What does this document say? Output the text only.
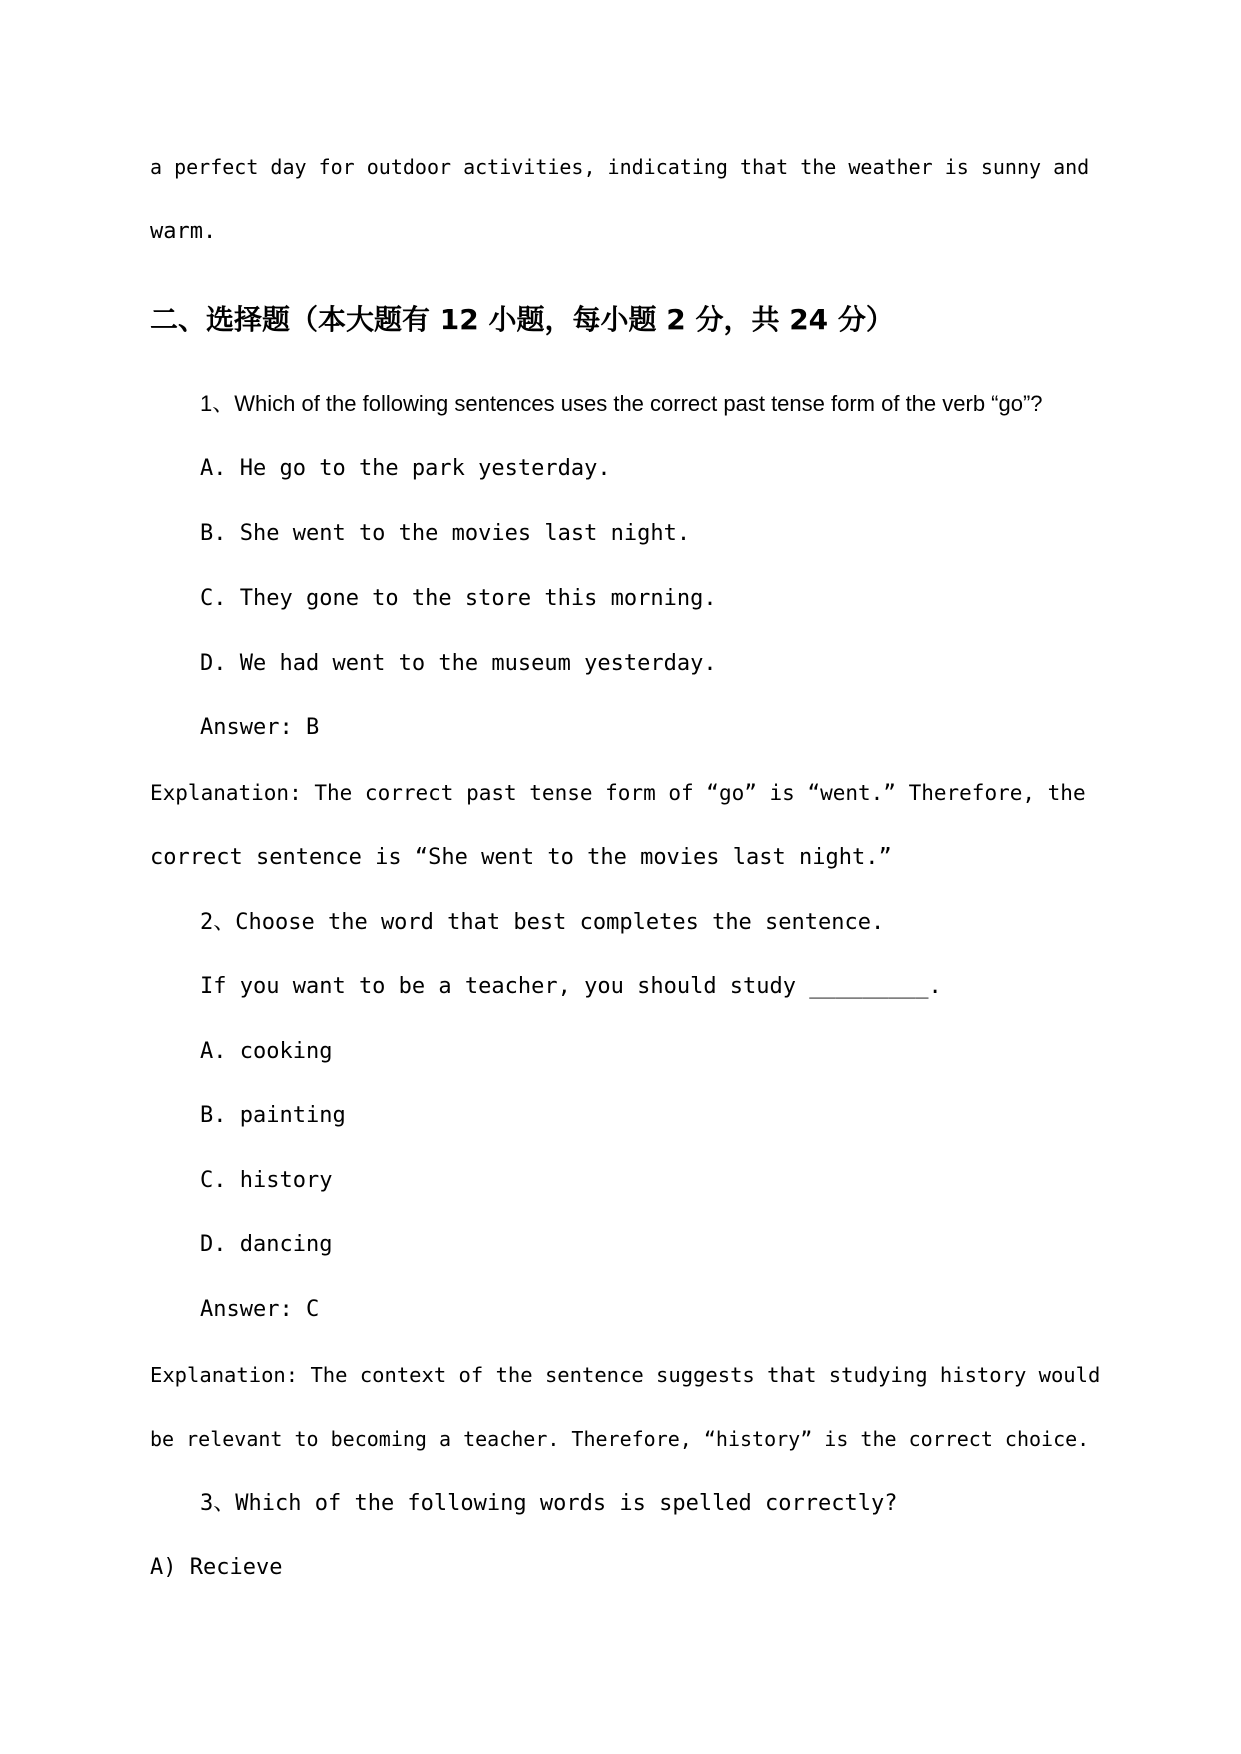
a perfect day for outdoor activities, indicating that the weather is sunny and
warm.
二、选择题（本大题有 12 小题，每小题 2 分，共 24 分）
1、Which of the following sentences uses the correct past tense form of the verb “go”?
A. He go to the park yesterday.
B. She went to the movies last night.
C. They gone to the store this morning.
D. We had went to the museum yesterday.
Answer: B
Explanation: The correct past tense form of “go” is “went.” Therefore, the
correct sentence is “She went to the movies last night.”
2、Choose the word that best completes the sentence.
If you want to be a teacher, you should study _________.
A. cooking
B. painting
C. history
D. dancing
Answer: C
Explanation: The context of the sentence suggests that studying history would
be relevant to becoming a teacher. Therefore, “history” is the correct choice.
3、Which of the following words is spelled correctly?
A) Recieve
